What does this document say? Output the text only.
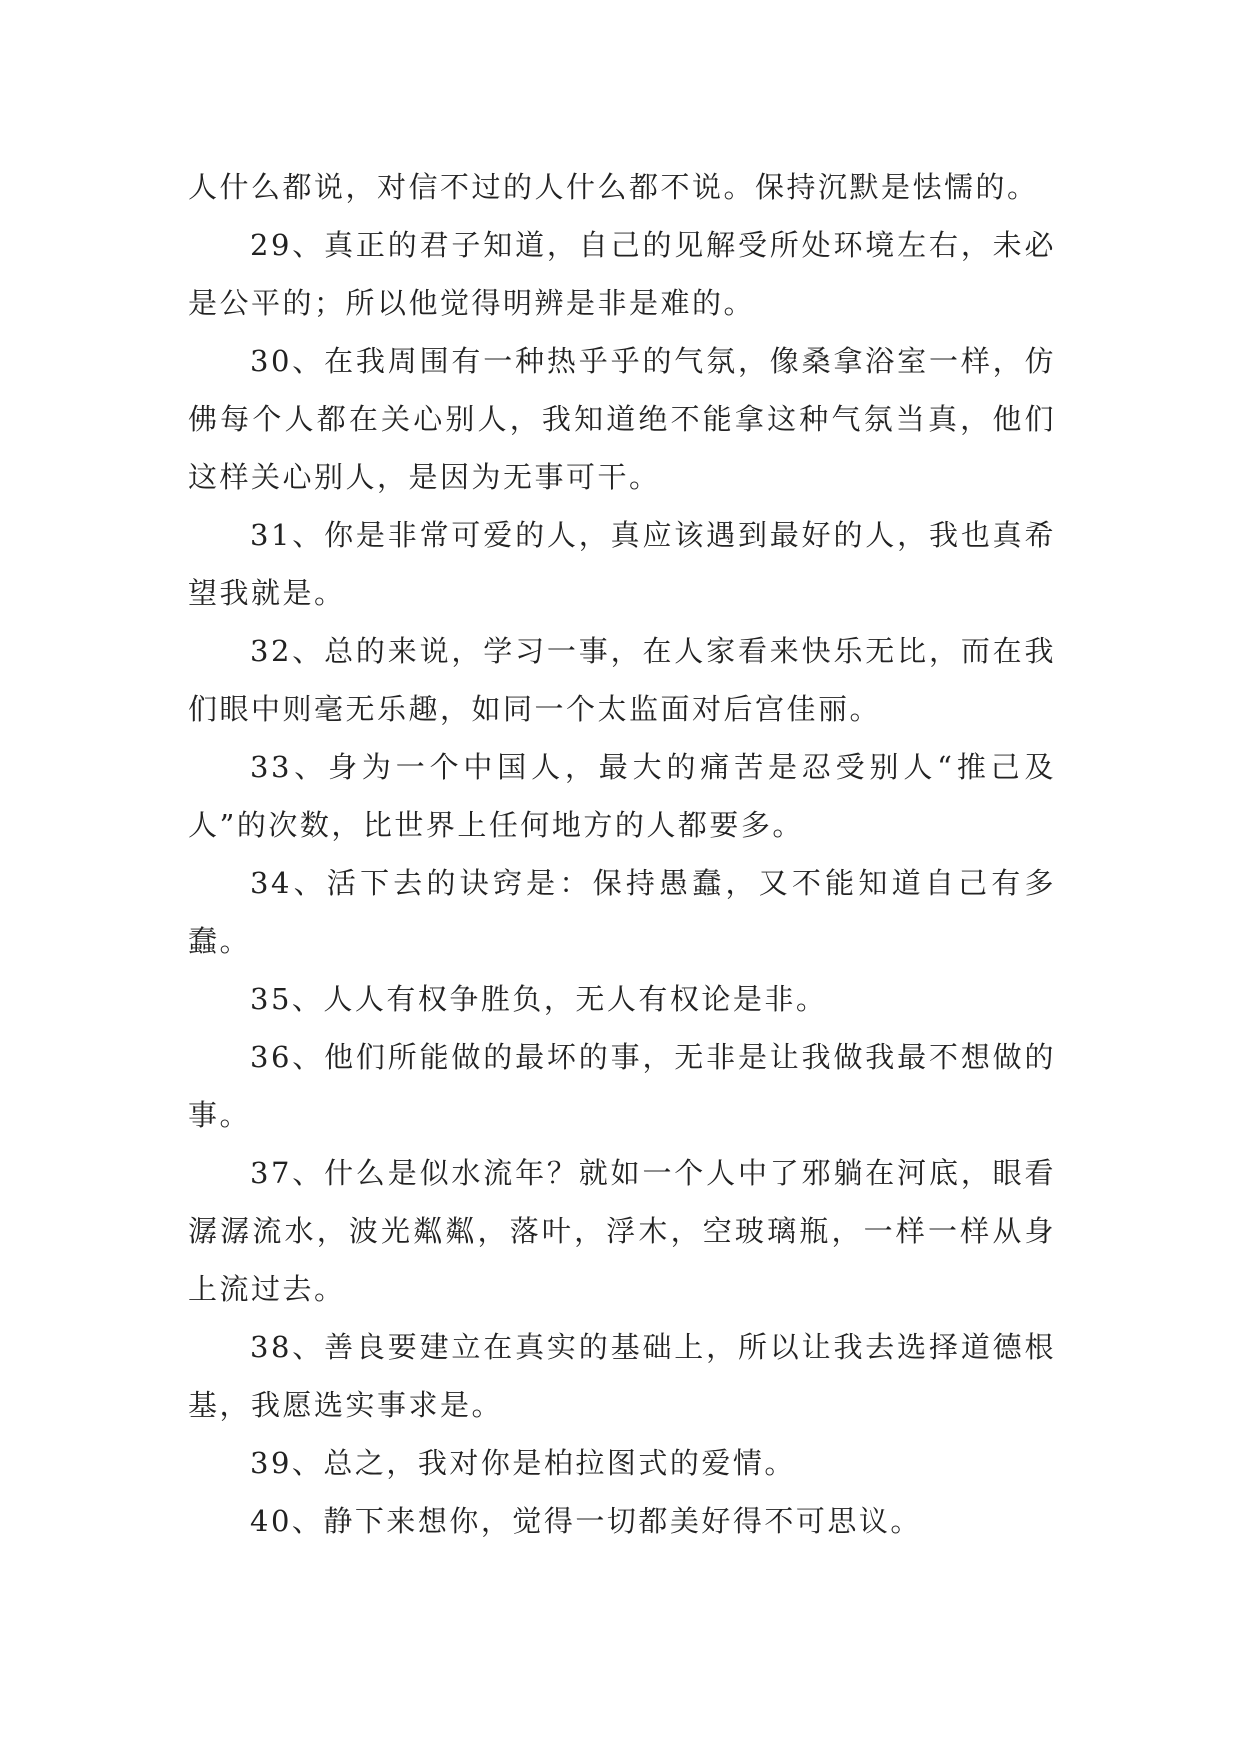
人什么都说，对信不过的人什么都不说。保持沉默是怯懦的。

29、真正的君子知道，自己的见解受所处环境左右，未必是公平的；所以他觉得明辨是非是难的。

30、在我周围有一种热乎乎的气氛，像桑拿浴室一样，仿佛每个人都在关心别人，我知道绝不能拿这种气氛当真，他们这样关心别人，是因为无事可干。

31、你是非常可爱的人，真应该遇到最好的人，我也真希望我就是。

32、总的来说，学习一事，在人家看来快乐无比，而在我们眼中则毫无乐趣，如同一个太监面对后宫佳丽。

33、身为一个中国人，最大的痛苦是忍受别人“推己及人”的次数，比世界上任何地方的人都要多。

34、活下去的诀窍是：保持愚蠢，又不能知道自己有多蠢。

35、人人有权争胜负，无人有权论是非。

36、他们所能做的最坏的事，无非是让我做我最不想做的事。

37、什么是似水流年？就如一个人中了邪躺在河底，眼看潺潺流水，波光粼粼，落叶，浮木，空玻璃瓶，一样一样从身上流过去。

38、善良要建立在真实的基础上，所以让我去选择道德根基，我愿选实事求是。

39、总之，我对你是柏拉图式的爱情。

40、静下来想你，觉得一切都美好得不可思议。
